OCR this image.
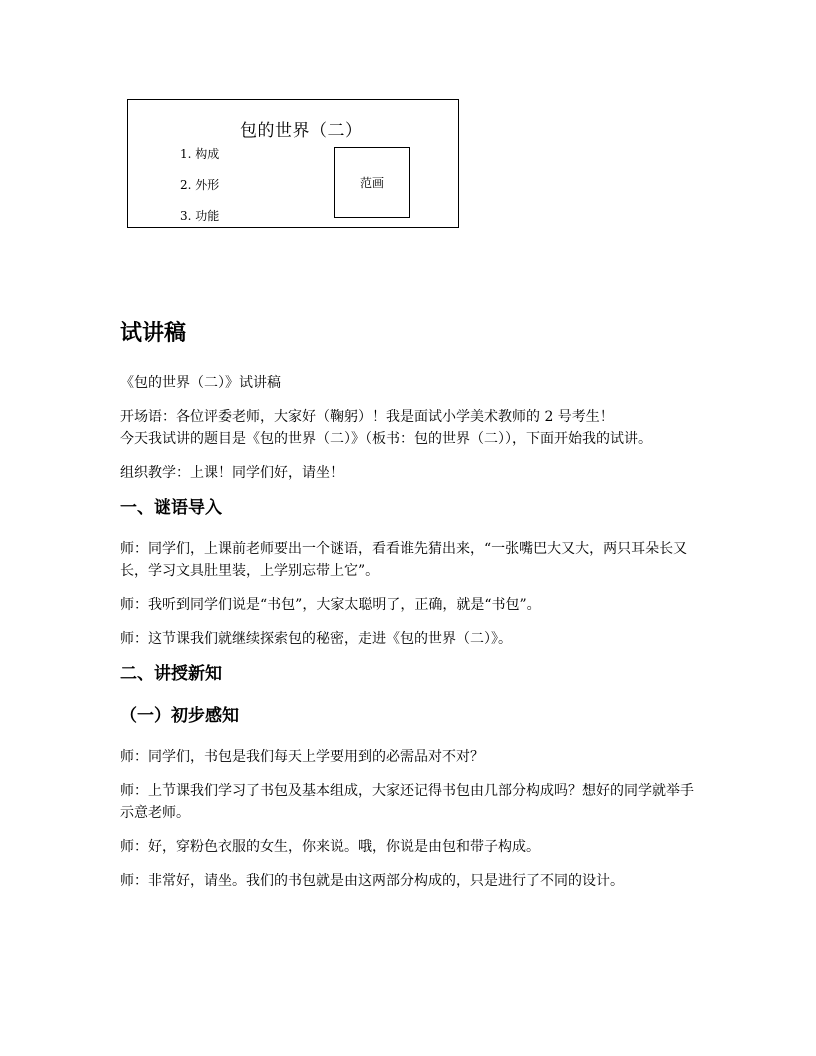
包的世界（二）
1. 构成
2. 外形
3. 功能
范画
试讲稿

《包的世界（二）》试讲稿

开场语：各位评委老师，大家好（鞠躬）！我是面试小学美术教师的 2 号考生！

今天我试讲的题目是《包的世界（二）》（板书：包的世界（二）），下面开始我的试讲。

组织教学：上课！同学们好，请坐！

一、谜语导入

师：同学们，上课前老师要出一个谜语，看看谁先猜出来，“一张嘴巴大又大，两只耳朵长又长，学习文具肚里装，上学别忘带上它”。

师：我听到同学们说是“书包”，大家太聪明了，正确，就是“书包”。

师：这节课我们就继续探索包的秘密，走进《包的世界（二）》。

二、讲授新知
（一）初步感知

师：同学们，书包是我们每天上学要用到的必需品对不对？

师：上节课我们学习了书包及基本组成，大家还记得书包由几部分构成吗？想好的同学就举手示意老师。

师：好，穿粉色衣服的女生，你来说。哦，你说是由包和带子构成。

师：非常好，请坐。我们的书包就是由这两部分构成的，只是进行了不同的设计。
